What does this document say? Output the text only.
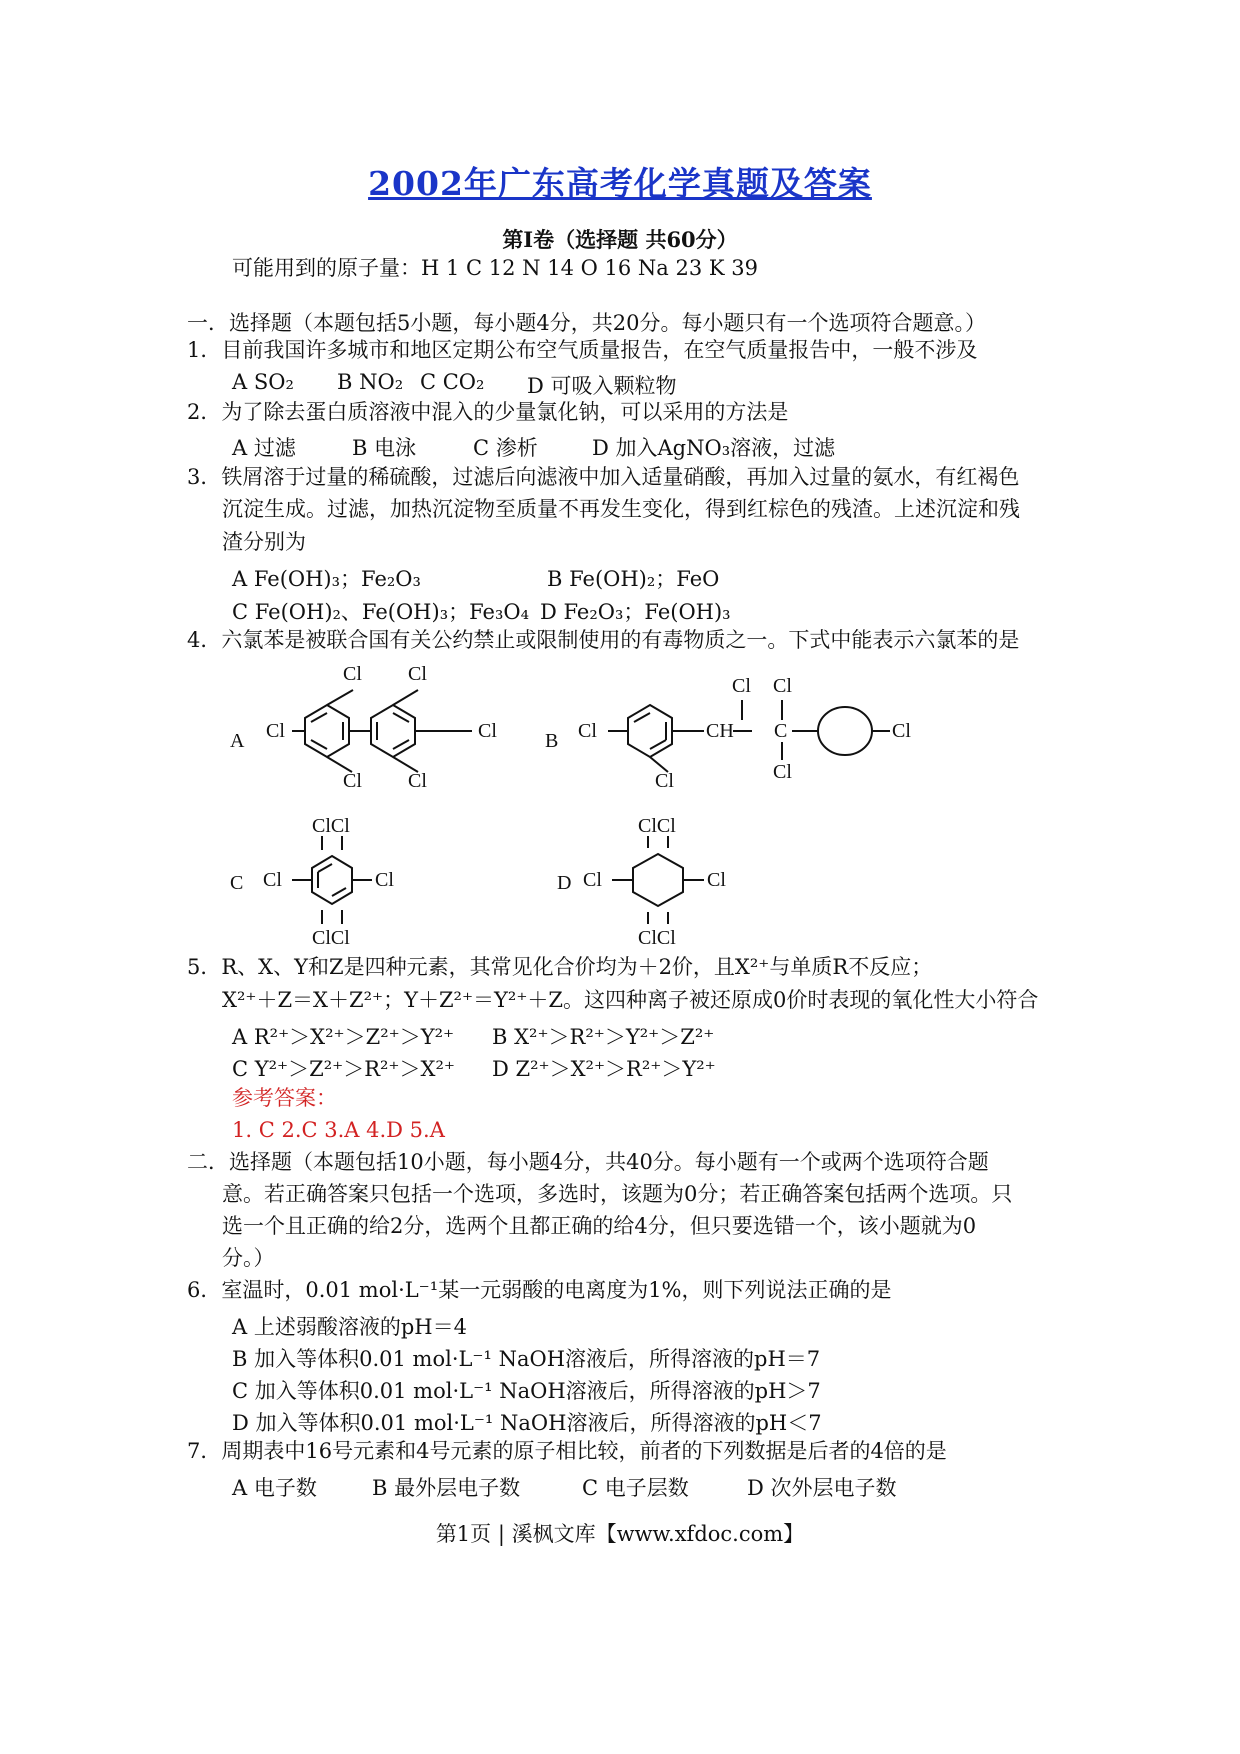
2002年广东高考化学真题及答案
第Ⅰ卷（选择题 共60分）
可能用到的原子量：H 1 C 12 N 14 O 16 Na 23 K 39
一．选择题（本题包括5小题，每小题4分，共20分。每小题只有一个选项符合题意。）
1．目前我国许多城市和地区定期公布空气质量报告，在空气质量报告中，一般不涉及
A SO₂ B NO₂ C CO₂ D 可吸入颗粒物
2．为了除去蛋白质溶液中混入的少量氯化钠，可以采用的方法是
A 过滤	B 电泳	C 渗析	D 加入AgNO₃溶液，过滤
3．铁屑溶于过量的稀硫酸，过滤后向滤液中加入适量硝酸，再加入过量的氨水，有红褐色
沉淀生成。过滤，加热沉淀物至质量不再发生变化，得到红棕色的残渣。上述沉淀和残
渣分别为
A Fe(OH)₃；Fe₂O₃	B Fe(OH)₂；FeO
C Fe(OH)₂、Fe(OH)₃；Fe₃O₄ D Fe₂O₃；Fe(OH)₃
4．六氯苯是被联合国有关公约禁止或限制使用的有毒物质之一。下式中能表示六氯苯的是
A	B
C	D
Cl Cl
Cl	Cl
Cl Cl
Cl
Cl
CH C
Cl Cl
Cl
Cl
ClCl
ClCl
Cl	Cl
ClCl
ClCl
Cl	Cl
5．R、X、Y和Z是四种元素，其常见化合价均为＋2价，且X²⁺与单质R不反应；
X²⁺＋Z＝X＋Z²⁺；Y＋Z²⁺＝Y²⁺＋Z。这四种离子被还原成0价时表现的氧化性大小符合
A R²⁺＞X²⁺＞Z²⁺＞Y²⁺ B X²⁺＞R²⁺＞Y²⁺＞Z²⁺
C Y²⁺＞Z²⁺＞R²⁺＞X²⁺ D Z²⁺＞X²⁺＞R²⁺＞Y²⁺
参考答案：
1. C 2.C 3.A 4.D 5.A
二．选择题（本题包括10小题，每小题4分，共40分。每小题有一个或两个选项符合题
意。若正确答案只包括一个选项，多选时，该题为0分；若正确答案包括两个选项。只
选一个且正确的给2分，选两个且都正确的给4分，但只要选错一个，该小题就为0
分。）
6．室温时，0.01 mol·L⁻¹某一元弱酸的电离度为1%，则下列说法正确的是
A 上述弱酸溶液的pH＝4
B 加入等体积0.01 mol·L⁻¹ NaOH溶液后，所得溶液的pH＝7
C 加入等体积0.01 mol·L⁻¹ NaOH溶液后，所得溶液的pH＞7
D 加入等体积0.01 mol·L⁻¹ NaOH溶液后，所得溶液的pH＜7
7．周期表中16号元素和4号元素的原子相比较，前者的下列数据是后者的4倍的是
A 电子数	B 最外层电子数	C 电子层数	D 次外层电子数
第1页 | 溪枫文库【www.xfdoc.com】
